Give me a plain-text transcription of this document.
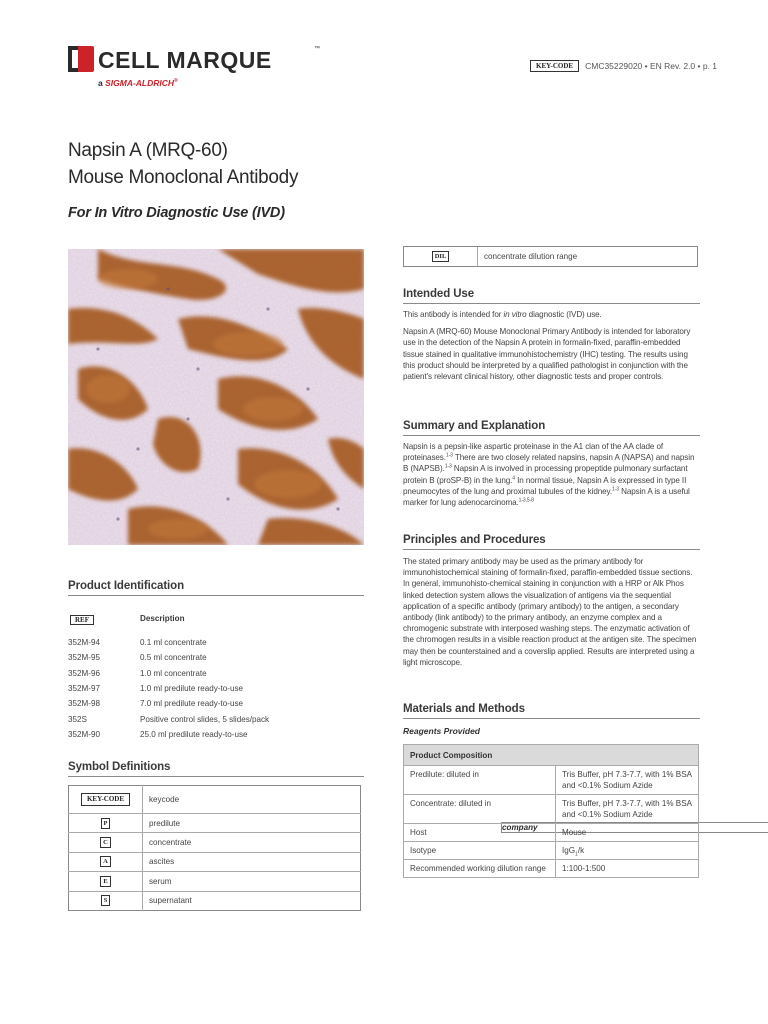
CELL MARQUE	™
a SIGMA-ALDRICH®
company
KEY-CODE	CMC35229020 • EN Rev. 2.0 • p. 1
Napsin A (MRQ-60)
Mouse Monoclonal Antibody
For In Vitro Diagnostic Use (IVD)
Product Identification
REF	Description
352M-94	0.1 ml concentrate
352M-95	0.5 ml concentrate
352M-96	1.0 ml concentrate
352M-97	1.0 ml predilute ready-to-use
352M-98	7.0 ml predilute ready-to-use
352S	Positive control slides, 5 slides/pack
352M-90	25.0 ml predilute ready-to-use
Symbol Definitions
KEY-CODE	keycode
P	predilute
C	concentrate
A	ascites
E	serum
S	supernatant
DIL	concentrate dilution range
Intended Use

This antibody is intended for in vitro diagnostic (IVD) use.

Napsin A (MRQ-60) Mouse Monoclonal Primary Antibody is intended for laboratory use in the detection of the Napsin A protein in formalin-fixed, paraffin-embedded tissue stained in qualitative immunohistochemistry (IHC) testing. The results using this product should be interpreted by a qualified pathologist in conjunction with the patient's relevant clinical history, other diagnostic tests and proper controls.

Summary and Explanation

Napsin is a pepsin-like aspartic proteinase in the A1 clan of the AA clade of proteinases.$^{1-3}$ There are two closely related napsins, napsin A (NAPSA) and napsin B (NAPSB).$^{1-3}$ Napsin A is involved in processing propeptide pulmonary surfactant protein B (proSP-B) in the lung.$^4$ In normal tissue, Napsin A is expressed in type II pneumocytes of the lung and proximal tubules of the kidney.$^{1-3}$ Napsin A is a useful marker for lung adenocarcinoma.$^{1-3,5-8}$

Principles and Procedures

The stated primary antibody may be used as the primary antibody for immunohistochemical staining of formalin-fixed, paraffin-embedded tissue sections. In general, immunohisto-chemical staining in conjunction with a HRP or Alk Phos linked detection system allows the visualization of antigens via the sequential application of a specific antibody (primary antibody) to the antigen, a secondary antibody (link antibody) to the primary antibody, an enzyme complex and a chromogenic substrate with interposed washing steps. The enzymatic activation of the chromogen results in a visible reaction product at the antigen site. The specimen may then be counterstained and a coverslip applied. Results are interpreted using a light microscope.

Materials and Methods
Reagents Provided
Product Composition	
Predilute: diluted in	Tris Buffer, pH 7.3-7.7, with 1% BSA and <0.1% Sodium Azide
Concentrate: diluted in	Tris Buffer, pH 7.3-7.7, with 1% BSA and <0.1% Sodium Azide
Host	Mouse
Isotype	IgG$_1$/k
Recommended working dilution range	1:100-1:500
